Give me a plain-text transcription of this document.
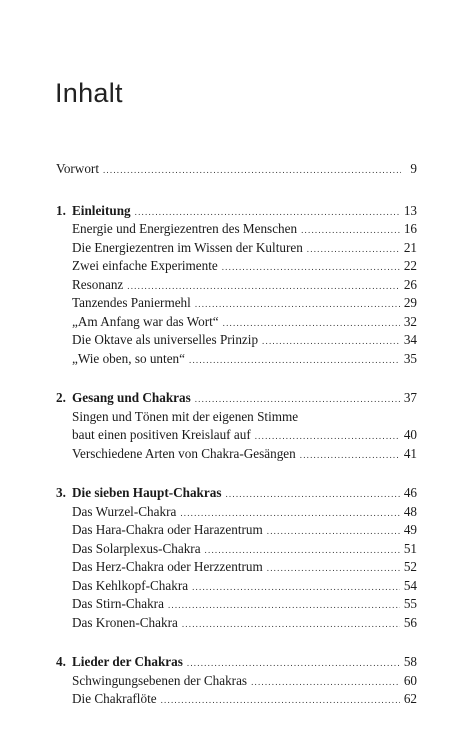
Inhalt
Vorwort .....	9
1. Einleitung .....	13
Energie und Energiezentren des Menschen .....	16
Die Energiezentren im Wissen der Kulturen .....	21
Zwei einfache Experimente .....	22
Resonanz .....	26
Tanzendes Paniermehl .....	29
„Am Anfang war das Wort“ .....	32
Die Oktave als universelles Prinzip .....	34
„Wie oben, so unten“ .....	35
2. Gesang und Chakras .....	37
Singen und Tönen mit der eigenen Stimme
baut einen positiven Kreislauf auf .....	40
Verschiedene Arten von Chakra-Gesängen .....	41
3. Die sieben Haupt-Chakras .....	46
Das Wurzel-Chakra .....	48
Das Hara-Chakra oder Harazentrum .....	49
Das Solarplexus-Chakra .....	51
Das Herz-Chakra oder Herzzentrum .....	52
Das Kehlkopf-Chakra .....	54
Das Stirn-Chakra .....	55
Das Kronen-Chakra .....	56
4. Lieder der Chakras .....	58
Schwingungsebenen der Chakras .....	60
Die Chakraflöte .....	62
